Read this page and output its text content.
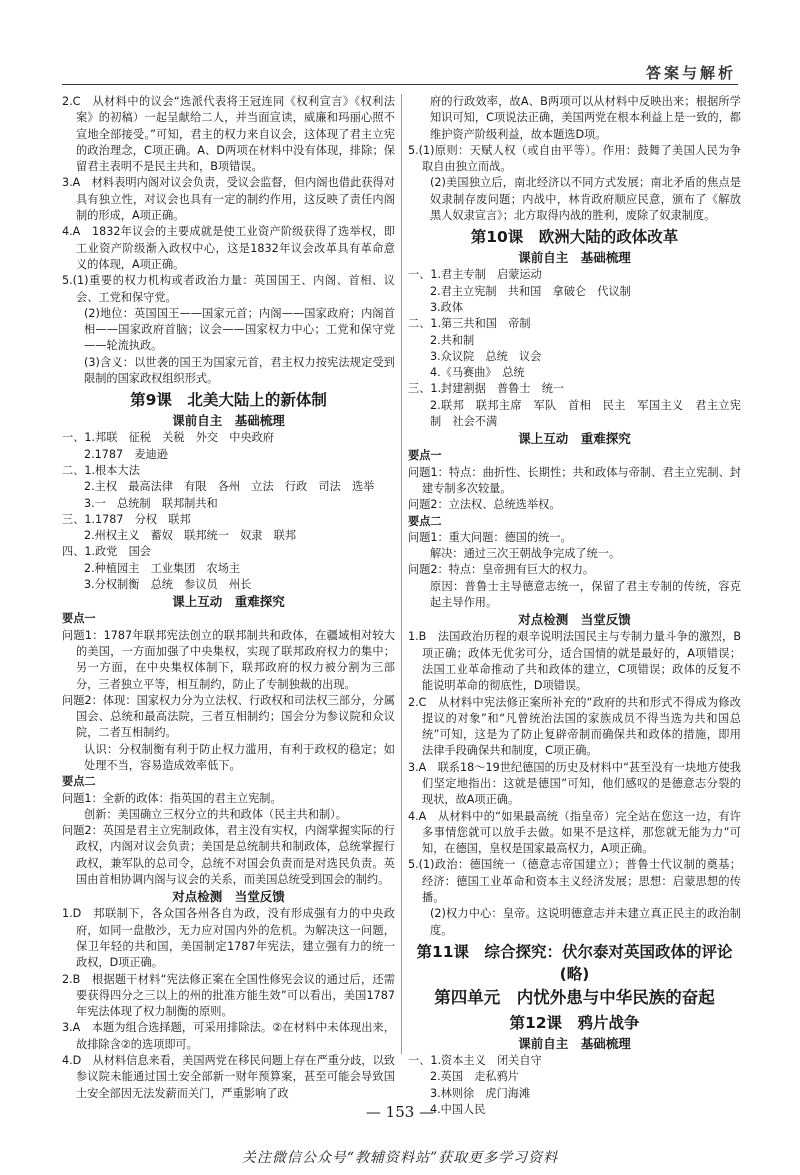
答案与解析
2.C　从材料中的议会“选派代表将王冠连同《权利宣言》《权利法案》的初稿）一起呈献给二人，并当面宣读，威廉和玛丽心照不宣地全部接受。”可知，君主的权力来自议会，这体现了君主立宪的政治理念，C项正确。A、D两项在材料中没有体现，排除；保留君主表明不是民主共和，B项错误。
3.A　材料表明内阁对议会负责，受议会监督，但内阁也借此获得对具有独立性，对议会也具有一定的制约作用，这反映了责任内阁制的形成，A项正确。
4.A　1832年议会的主要成就是使工业资产阶级获得了选举权，即工业资产阶级渐入政权中心，这是1832年议会改革具有革命意义的体现，A项正确。
5.(1)重要的权力机构或者政治力量：英国国王、内阁、首相、议会、工党和保守党。
(2)地位：英国国王——国家元首；内阁——国家政府；内阁首相——国家政府首脑；议会——国家权力中心；工党和保守党——轮流执政。
(3)含义：以世袭的国王为国家元首，君主权力按宪法规定受到限制的国家政权组织形式。
第9课　北美大陆上的新体制
课前自主　基础梳理
一、1.邦联　征税　关税　外交　中央政府
2.1787　麦迪逊
二、1.根本大法
2.主权　最高法律　有限　各州　立法　行政　司法　选举
3.一　总统制　联邦制共和
三、1.1787　分权　联邦
2.州权主义　蓄奴　联邦统一　奴隶　联邦
四、1.政党　国会
2.种植园主　工业集团　农场主
3.分权制衡　总统　参议员　州长
课上互动　重难探究
要点一
问题1：1787年联邦宪法创立的联邦制共和政体，在疆域相对较大的美国，一方面加强了中央集权，实现了联邦政府权力的集中；另一方面，在中央集权体制下，联邦政府的权力被分割为三部分，三者独立平等，相互制约，防止了专制独裁的出现。
问题2：体现：国家权力分为立法权、行政权和司法权三部分，分属国会、总统和最高法院，三者互相制约；国会分为参议院和众议院，二者互相制约。
认识：分权制衡有利于防止权力滥用，有利于政权的稳定；如处理不当，容易造成效率低下。
要点二
问题1：全新的政体：指英国的君主立宪制。
创新：美国确立三权分立的共和政体（民主共和制）。
问题2：英国是君主立宪制政体，君主没有实权，内阁掌握实际的行政权，内阁对议会负责；美国是总统制共和制政体，总统掌握行政权，兼军队的总司令，总统不对国会负责而是对选民负责。英国由首相协调内阁与议会的关系，而美国总统受到国会的制约。
对点检测　当堂反馈
1.D　邦联制下，各众国各州各自为政，没有形成强有力的中央政府，如同一盘散沙，无力应对国内外的危机。为解决这一问题，保卫年轻的共和国，美国制定1787年宪法，建立强有力的统一政权，D项正确。
2.B　根据题干材料“宪法修正案在全国性修宪会议的通过后，还需要获得四分之三以上的州的批准方能生效”可以看出，美国1787年宪法体现了权力制衡的原则。
3.A　本题为组合选择题，可采用排除法。②在材料中未体现出来，故排除含②的选项即可。
4.D　从材料信息来看，美国两党在移民问题上存在严重分歧，以致参议院未能通过国土安全部新一财年预算案，甚至可能会导致国土安全部因无法发薪而关门，严重影响了政
府的行政效率，故A、B两项可以从材料中反映出来；根据所学知识可知，C项说法正确，美国两党在根本利益上是一致的，都维护资产阶级利益，故本题选D项。
5.(1)原则：天赋人权（或自由平等）。作用：鼓舞了美国人民为争取自由独立而战。
(2)美国独立后，南北经济以不同方式发展；南北矛盾的焦点是奴隶制存废问题；内战中，林肯政府顺应民意，颁布了《解放黑人奴隶宣言》；北方取得内战的胜利，废除了奴隶制度。
第10课　欧洲大陆的政体改革
课前自主　基础梳理
一、1.君主专制　启蒙运动
2.君主立宪制　共和国　拿破仑　代议制
3.政体
二、1.第三共和国　帝制
2.共和制
3.众议院　总统　议会
4.《马赛曲》　总统
三、1.封建割据　普鲁士　统一
2.联邦　联邦主席　军队　首相　民主　军国主义　君主立宪制　社会不满
课上互动　重难探究
要点一
问题1：特点：曲折性、长期性；共和政体与帝制、君主立宪制、封建专制多次较量。
问题2：立法权、总统选举权。
要点二
问题1：重大问题：德国的统一。
解决：通过三次王朝战争完成了统一。
问题2：特点：皇帝拥有巨大的权力。
原因：普鲁士主导德意志统一，保留了君主专制的传统，容克起主导作用。
对点检测　当堂反馈
1.B　法国政治历程的艰辛说明法国民主与专制力量斗争的激烈，B项正确；政体无优劣可分，适合国情的就是最好的，A项错误；法国工业革命推动了共和政体的建立，C项错误；政体的反复不能说明革命的彻底性，D项错误。
2.C　从材料中宪法修正案所补充的“政府的共和形式不得成为修改提议的对象”和“凡曾统治法国的家族成员不得当选为共和国总统”可知，这是为了防止复辟帝制而确保共和政体的措施，即用法律手段确保共和制度，C项正确。
3.A　联系18～19世纪德国的历史及材料中“甚至没有一块地方使我们坚定地指出：这就是德国”可知，他们感叹的是德意志分裂的现状，故A项正确。
4.A　从材料中的“如果最高统（指皇帝）完全站在您这一边，有许多事情您就可以放手去做。如果不是这样，那您就无能为力”可知，在德国，皇权是国家最高权力，A项正确。
5.(1)政治：德国统一（德意志帝国建立）；普鲁士代议制的奠基；经济：德国工业革命和资本主义经济发展；思想：启蒙思想的传播。
(2)权力中心：皇帝。这说明德意志并未建立真正民主的政治制度。
第11课　综合探究：伏尔泰对英国政体的评论(略)
第四单元　内忧外患与中华民族的奋起
第12课　鸦片战争
课前自主　基础梳理
一、1.资本主义　闭关自守
2.英国　走私鸦片
3.林则徐　虎门海滩
4.中国人民
— 153 —
关注微信公众号“教辅资料站”获取更多学习资料
